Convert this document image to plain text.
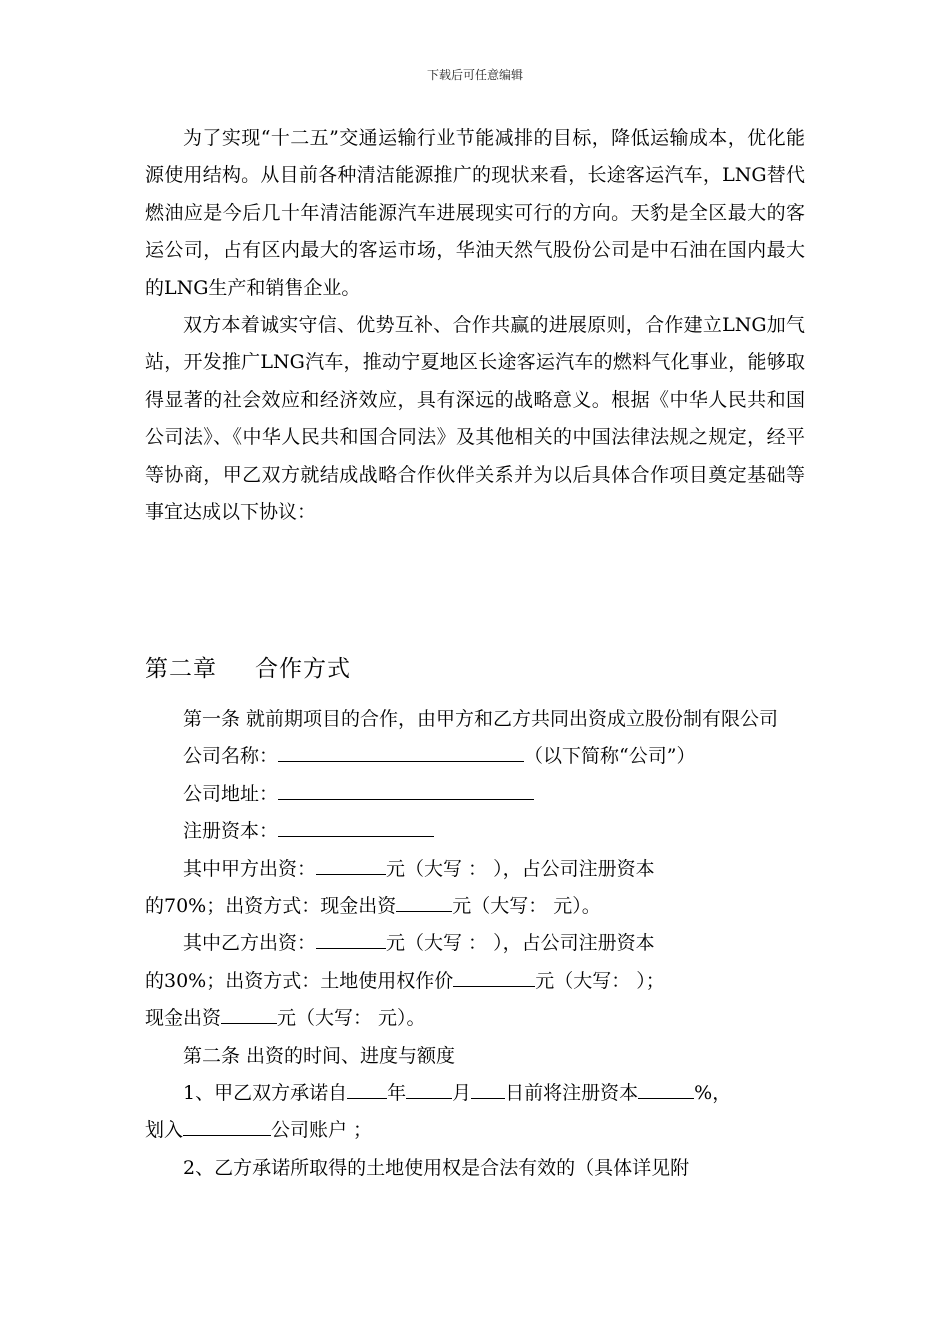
下载后可任意编辑

为了实现“十二五”交通运输行业节能减排的目标，降低运输成本，优化能源使用结构。从目前各种清洁能源推广的现状来看，长途客运汽车，LNG替代燃油应是今后几十年清洁能源汽车进展现实可行的方向。天豹是全区最大的客运公司，占有区内最大的客运市场，华油天然气股份公司是中石油在国内最大的LNG生产和销售企业。

双方本着诚实守信、优势互补、合作共赢的进展原则，合作建立LNG加气站，开发推广LNG汽车，推动宁夏地区长途客运汽车的燃料气化事业，能够取得显著的社会效应和经济效应，具有深远的战略意义。根据《中华人民共和国公司法》、《中华人民共和国合同法》及其他相关的中国法律法规之规定，经平等协商，甲乙双方就结成战略合作伙伴关系并为以后具体合作项目奠定基础等事宜达成以下协议：

第二章 合作方式

第一条 就前期项目的合作，由甲方和乙方共同出资成立股份制有限公司

公司名称：	（以下简称“公司”）
公司地址：
注册资本：
其中甲方出资：	元（大写 ： ），占公司注册资本
的70%；出资方式：现金出资	元（大写： 元）。
其中乙方出资：	元（大写 ： ），占公司注册资本
的30%；出资方式：土地使用权作价	元（大写： ）；
现金出资	元（大写： 元）。
第二条 出资的时间、进度与额度
1、甲乙双方承诺自 年 月 日前将注册资本	%，
划入	公司账户 ；
2、乙方承诺所取得的土地使用权是合法有效的（具体详见附
